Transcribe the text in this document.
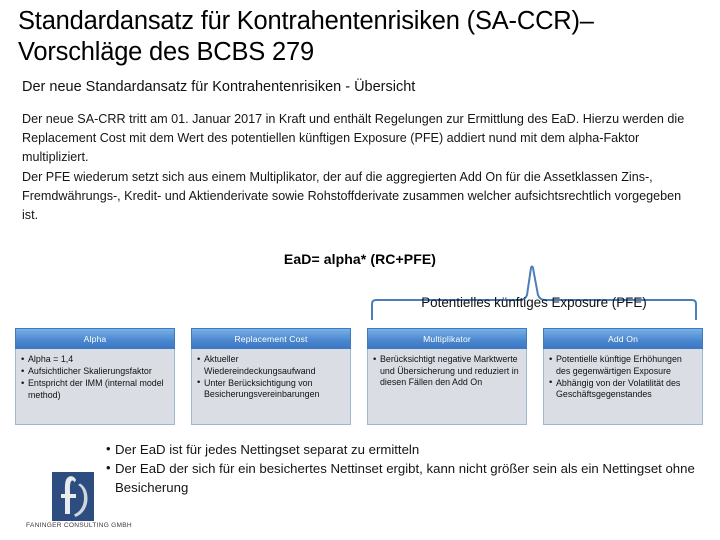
Standardansatz für Kontrahentenrisiken (SA-CCR)– Vorschläge des BCBS 279
Der neue Standardansatz für Kontrahentenrisiken - Übersicht

Der neue SA-CRR tritt am 01. Januar 2017 in Kraft und enthält Regelungen zur Ermittlung des EaD. Hierzu werden die Replacement Cost mit dem Wert des potentiellen künftigen Exposure (PFE) addiert nund mit dem alpha-Faktor multipliziert.

Der PFE wiederum setzt sich aus einem Multiplikator, der auf die aggregierten Add On für die Assetklassen Zins-, Fremdwährungs-, Kredit- und Aktienderivate sowie Rohstoffderivate zusammen welcher aufsichtsrechtlich vorgegeben ist.

EaD= alpha* (RC+PFE)
Potentielles künftiges Exposure (PFE)
Alpha
• Alpha = 1,4
• Aufsichtlicher Skalierungsfaktor
• Entspricht der IMM (internal model method)
Replacement Cost
• Aktueller Wiedereindeckungsaufwand
• Unter Berücksichtigung von Besicherungsvereinbarungen
Multiplikator
• Berücksichtigt negative Marktwerte und Übersicherung und reduziert in diesen Fällen den Add On
Add On
• Potentielle künftige Erhöhungen des gegenwärtigen Exposure
• Abhängig von der Volatilität des Geschäftsgegenstandes
• Der EaD ist für jedes Nettingset separat zu ermitteln
• Der EaD der sich für ein besichertes Nettinset ergibt, kann nicht größer sein als ein Nettingset ohne Besicherung
FANINGER CONSULTING GMBH
